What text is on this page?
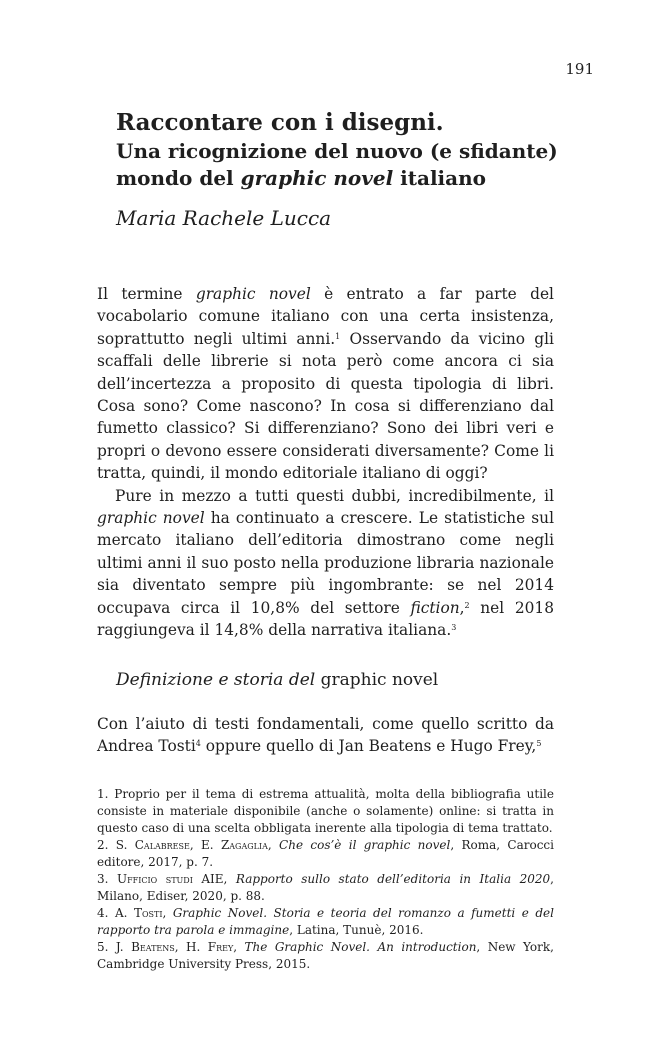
191
Raccontare con i disegni.
Una ricognizione del nuovo (e sfidante)
mondo del graphic novel italiano

Maria Rachele Lucca

Il termine graphic novel è entrato a far parte del vocabolario comune italiano con una certa insistenza, soprattutto negli ultimi anni.$^1$ Osservando da vicino gli scaffali delle librerie si nota però come ancora ci sia dell’incertezza a proposito di questa tipologia di libri. Cosa sono? Come nascono? In cosa si differenziano dal fumetto classico? Si differenziano? Sono dei libri veri e propri o devono essere considerati diversamente? Come li tratta, quindi, il mondo editoriale italiano di oggi?

Pure in mezzo a tutti questi dubbi, incredibilmente, il graphic novel ha continuato a crescere. Le statistiche sul mercato italiano dell’editoria dimostrano come negli ultimi anni il suo posto nella produzione libraria nazionale sia diventato sempre più ingombrante: se nel 2014 occupava circa il 10,8% del settore fiction,$^2$ nel 2018 raggiungeva il 14,8% della narrativa italiana.$^3$

Definizione e storia del graphic novel

Con l’aiuto di testi fondamentali, come quello scritto da Andrea Tosti$^4$ oppure quello di Jan Beatens e Hugo Frey,$^5$

1. Proprio per il tema di estrema attualità, molta della bibliografia utile consiste in materiale disponibile (anche o solamente) online: si tratta in questo caso di una scelta obbligata inerente alla tipologia di tema trattato.

2. S. Calabrese, E. Zagaglia, Che cos’è il graphic novel, Roma, Carocci editore, 2017, p. 7.

3. Ufficio studi AIE, Rapporto sullo stato dell’editoria in Italia 2020, Milano, Ediser, 2020, p. 88.

4. A. Tosti, Graphic Novel. Storia e teoria del romanzo a fumetti e del rapporto tra parola e immagine, Latina, Tunuè, 2016.

5. J. Beatens, H. Frey, The Graphic Novel. An introduction, New York, Cambridge University Press, 2015.
